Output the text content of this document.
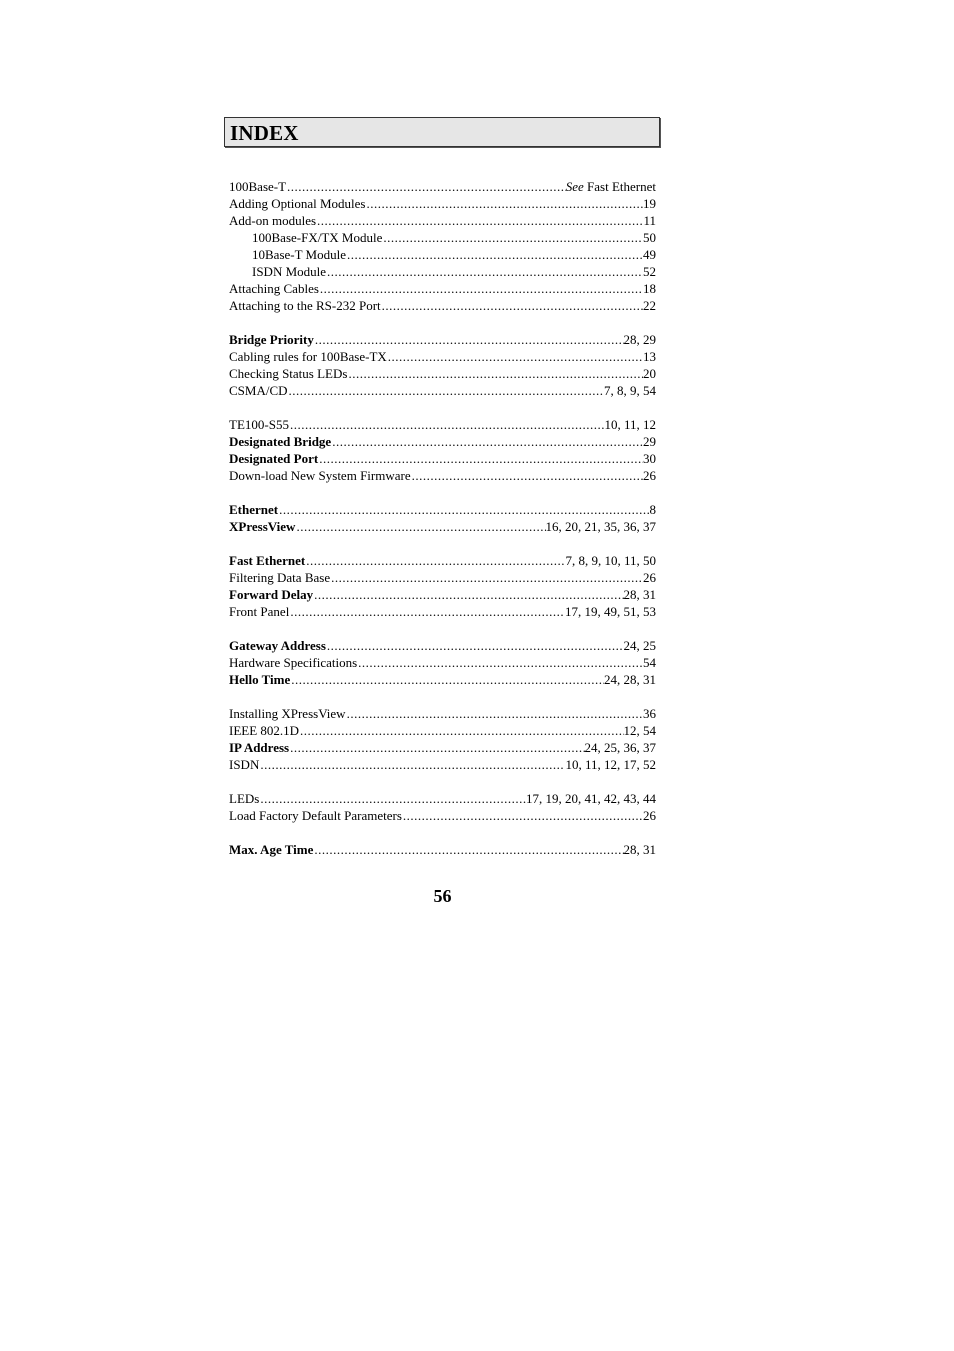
INDEX
100Base-T .....	See Fast Ethernet
Adding Optional Modules .....	19
Add-on modules .....	11
100Base-FX/TX Module .....	50
10Base-T Module .....	49
ISDN Module .....	52
Attaching Cables .....	18
Attaching to the RS-232 Port .....	22
Bridge Priority .....	28, 29
Cabling rules for 100Base-TX .....	13
Checking Status LEDs .....	20
CSMA/CD .....	7, 8, 9, 54
TE100-S55 .....	10, 11, 12
Designated Bridge .....	29
Designated Port .....	30
Down-load New System Firmware .....	26
Ethernet .....	8
XPressView .....	16, 20, 21, 35, 36, 37
Fast Ethernet .....	7, 8, 9, 10, 11, 50
Filtering Data Base .....	26
Forward Delay .....	28, 31
Front Panel .....	17, 19, 49, 51, 53
Gateway Address .....	24, 25
Hardware Specifications .....	54
Hello Time .....	24, 28, 31
Installing XPressView .....	36
IEEE 802.1D .....	12, 54
IP Address .....	24, 25, 36, 37
ISDN .....	10, 11, 12, 17, 52
LEDs .....	17, 19, 20, 41, 42, 43, 44
Load Factory Default Parameters .....	26
Max. Age Time .....	28, 31
56
